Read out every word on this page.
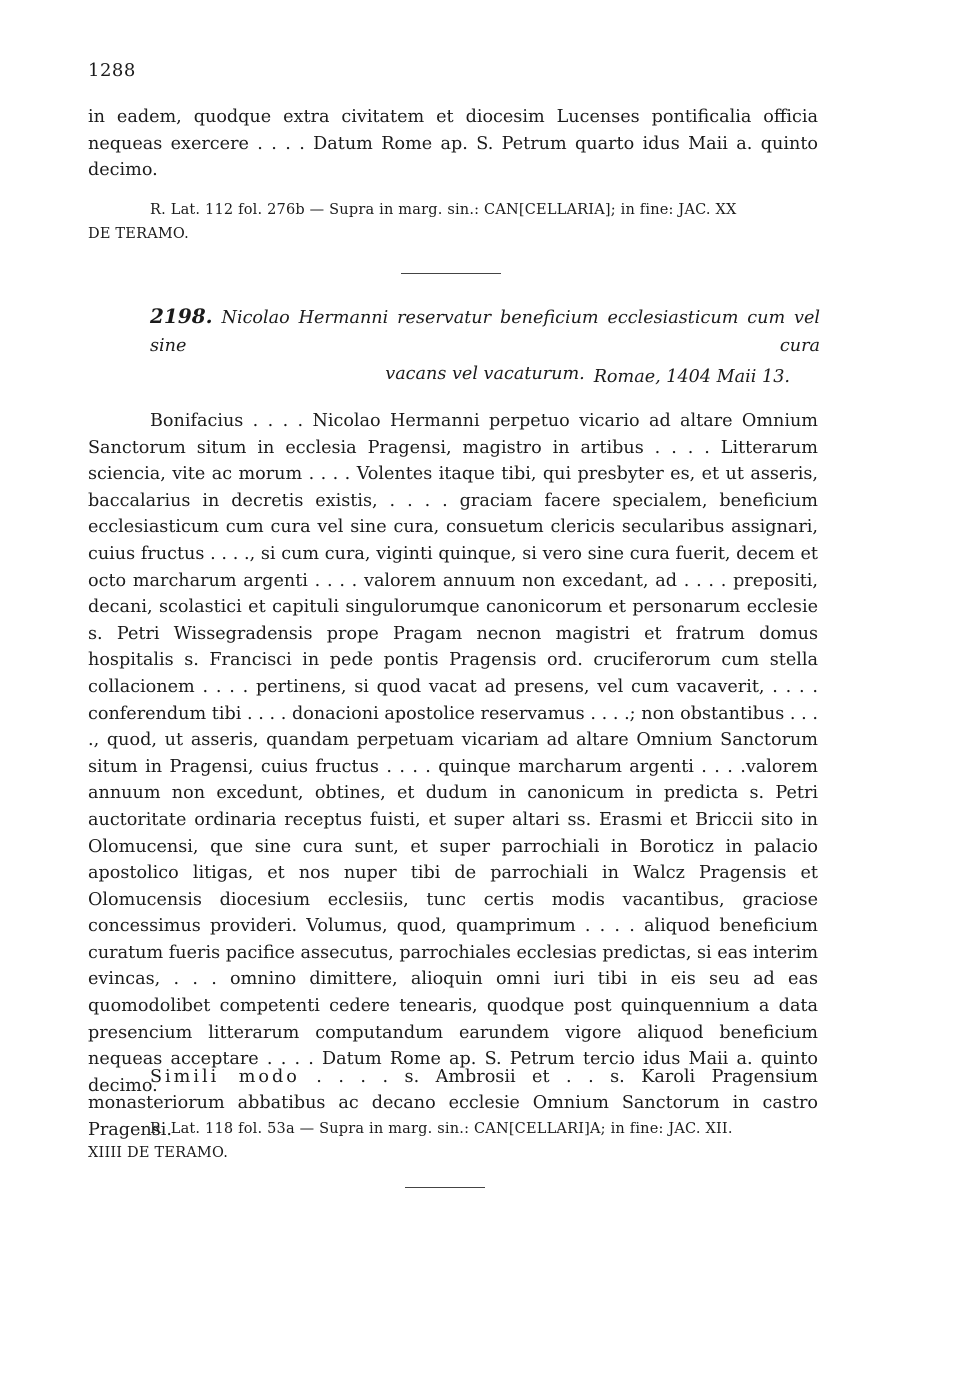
1288

in eadem, quodque extra civitatem et diocesim Lucenses pontificalia officia nequeas exercere . . . . Datum Rome ap. S. Petrum quarto idus Maii a. quinto decimo.

R. Lat. 112 fol. 276b — Supra in marg. sin.: CAN[CELLARIA]; in fine: JAC. XX
DE TERAMO.
2198. Nicolao Hermanni reservatur beneficium ecclesiasticum cum vel sine cura
vacans vel vacaturum. Romae, 1404 Maii 13.

Bonifacius . . . . Nicolao Hermanni perpetuo vicario ad altare Omnium Sanctorum situm in ecclesia Pragensi, magistro in artibus . . . . Litterarum sciencia, vite ac morum . . . . Volentes itaque tibi, qui presbyter es, et ut asseris, baccalarius in decretis existis, . . . . graciam facere specialem, beneficium ecclesiasticum cum cura vel sine cura, consuetum clericis secularibus assignari, cuius fructus . . . ., si cum cura, viginti quinque, si vero sine cura fuerit, decem et octo marcharum argenti . . . . valorem annuum non excedant, ad . . . . prepositi, decani, scolastici et capituli singulorumque canonicorum et personarum ecclesie s. Petri Wissegradensis prope Pragam necnon magistri et fratrum domus hospitalis s. Francisci in pede pontis Pragensis ord. cruciferorum cum stella collacionem . . . . pertinens, si quod vacat ad presens, vel cum vacaverit, . . . . conferendum tibi . . . . donacioni apostolice reservamus . . . .; non obstantibus . . . ., quod, ut asseris, quandam perpetuam vicariam ad altare Omnium Sanctorum situm in Pragensi, cuius fructus . . . . quinque marcharum argenti . . . .valorem annuum non excedunt, obtines, et dudum in canonicum in predicta s. Petri auctoritate ordinaria receptus fuisti, et super altari ss. Erasmi et Briccii sito in Olomucensi, que sine cura sunt, et super parrochiali in Boroticz in palacio apostolico litigas, et nos nuper tibi de parrochiali in Walcz Pragensis et Olomucensis diocesium ecclesiis, tunc certis modis vacantibus, graciose concessimus provideri. Volumus, quod, quamprimum . . . . aliquod beneficium curatum fueris pacifice assecutus, parrochiales ecclesias predictas, si eas interim evincas, . . . omnino dimittere, alioquin omni iuri tibi in eis seu ad eas quomodolibet competenti cedere tenearis, quodque post quinquennium a data presencium litterarum computandum earundem vigore aliquod beneficium nequeas acceptare . . . . Datum Rome ap. S. Petrum tercio idus Maii a. quinto decimo.

Simili modo . . . . s. Ambrosii et . . s. Karoli Pragensium monasteriorum abbatibus ac decano ecclesie Omnium Sanctorum in castro Pragensi.

R. Lat. 118 fol. 53a — Supra in marg. sin.: CAN[CELLARI]A; in fine: JAC. XII.
XIIII DE TERAMO.
